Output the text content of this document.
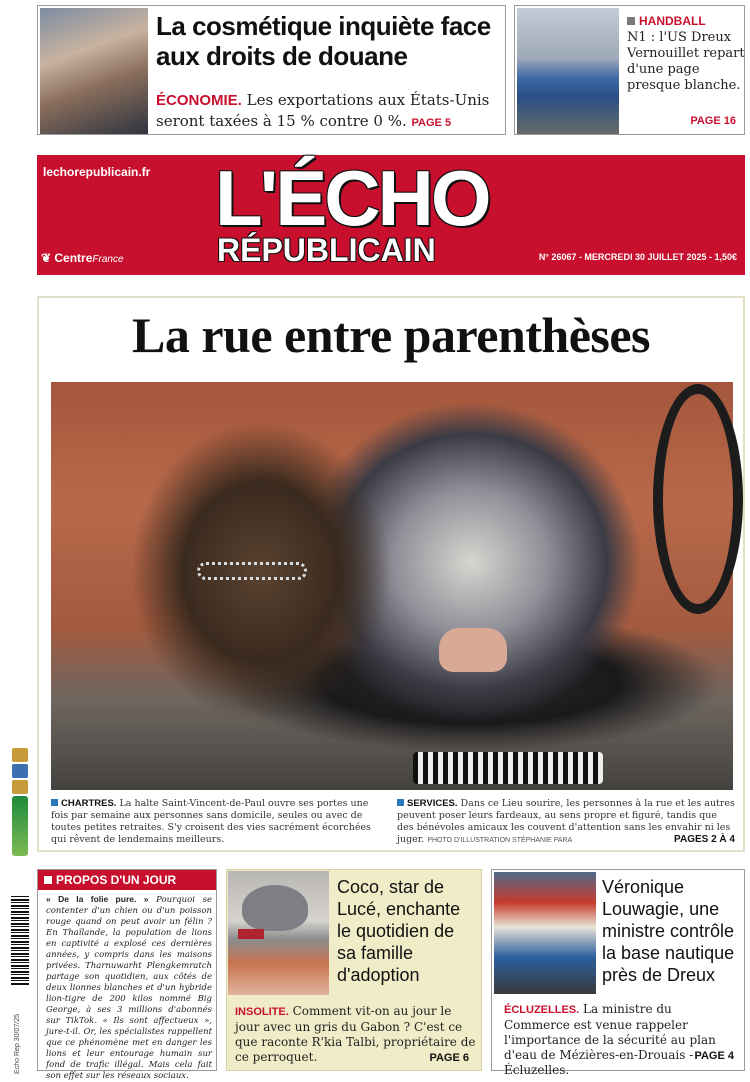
La cosmétique inquiète face aux droits de douane

ÉCONOMIE. Les exportations aux États-Unis seront taxées à 15 % contre 0 %. PAGE 5

HANDBALL

N1 : l'US Dreux Vernouillet repart d'une page presque blanche.

PAGE 16
lechorepublicain.fr L'ÉCHO
RÉPUBLICAIN
❦ CentreFrance	N° 26067 - MERCREDI 30 JUILLET 2025 - 1,50€
La rue entre parenthèses

CHARTRES. La halte Saint-Vincent-de-Paul ouvre ses portes une fois par semaine aux personnes sans domicile, seules ou avec de toutes petites retraites. S'y croisent des vies sacrément écorchées qui rêvent de lendemains meilleurs.

SERVICES. Dans ce Lieu sourire, les personnes à la rue et les autres peuvent poser leurs fardeaux, au sens propre et figuré, tandis que des bénévoles amicaux les couvent d'attention sans les envahir ni les juger. PHOTO D'ILLUSTRATION STÉPHANIE PARA	PAGES 2 À 4
PROPOS D'UN JOUR

« De la folie pure. » Pourquoi se contenter d'un chien ou d'un poisson rouge quand on peut avoir un félin ? En Thaïlande, la population de lions en captivité a explosé ces dernières années, y compris dans les maisons privées. Tharnuwarht Plengkemratch partage son quotidien, aux côtés de deux lionnes blanches et d'un hybride lion-tigre de 200 kilos nommé Big George, à ses 3 millions d'abonnés sur TikTok. « Ils sont affectueux », jure-t-il. Or, les spécialistes rappellent que ce phénomène met en danger les lions et leur entourage humain sur fond de trafic illégal. Mais cela fait son effet sur les réseaux sociaux.

Coco, star de Lucé, enchante le quotidien de sa famille d'adoption

INSOLITE. Comment vit-on au jour le jour avec un gris du Gabon ? C'est ce que raconte R'kia Talbi, propriétaire de ce perroquet.	PAGE 6
Véronique Louwagie, une ministre contrôle la base nautique près de Dreux

ÉCLUZELLES. La ministre du Commerce est venue rappeler l'importance de la sécurité au plan d'eau de Mézières-en-Drouais - Écluzelles.

PAGE 4
Echo Rep 30/07/25
